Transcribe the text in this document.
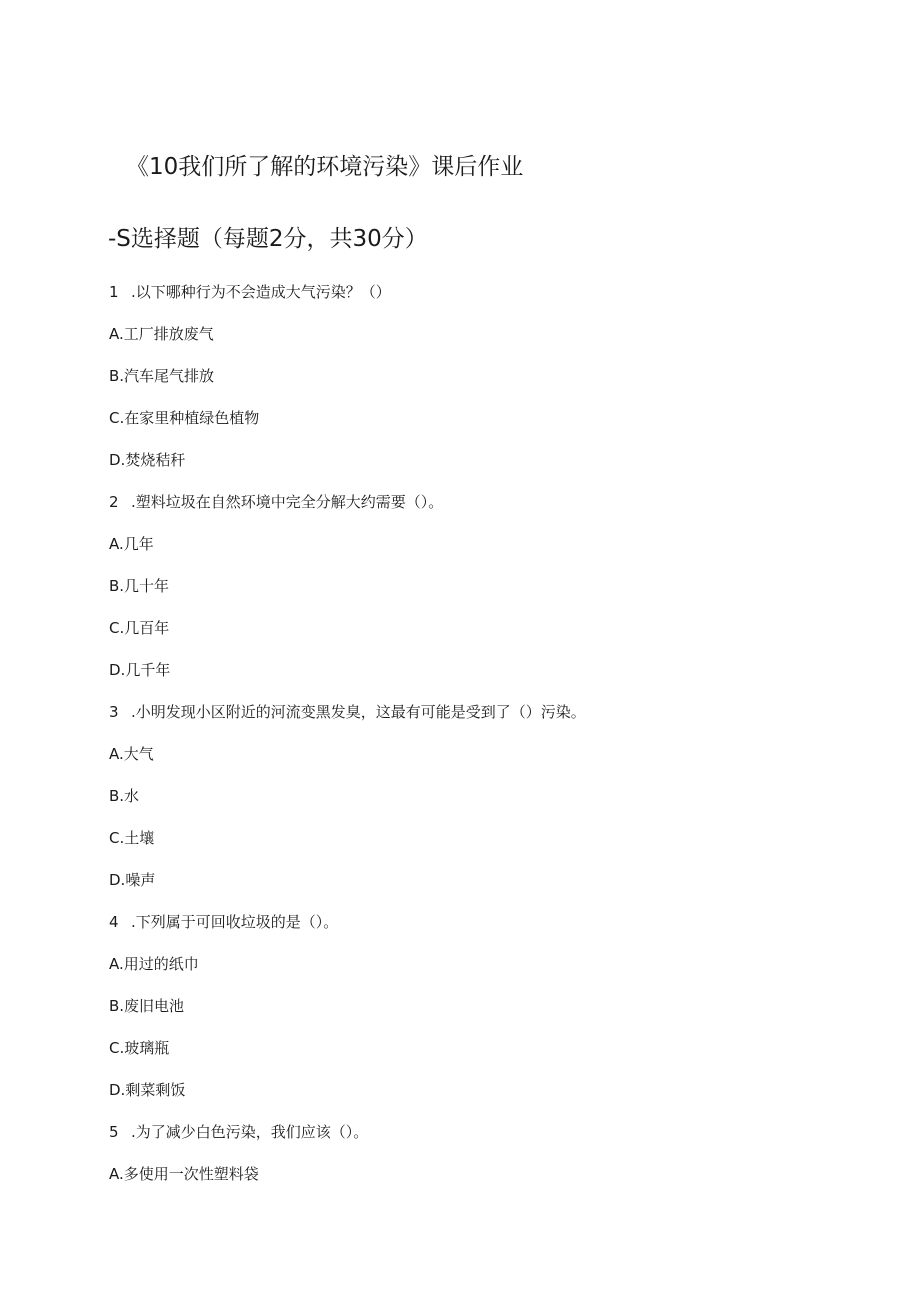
《10我们所了解的环境污染》课后作业
-S选择题（每题2分，共30分）
1 .以下哪种行为不会造成大气污染？（）
A.工厂排放废气
B.汽车尾气排放
C.在家里种植绿色植物
D.焚烧秸秆
2 .塑料垃圾在自然环境中完全分解大约需要（）。
A.几年
B.几十年
C.几百年
D.几千年
3 .小明发现小区附近的河流变黑发臭，这最有可能是受到了（）污染。
A.大气
B.水
C.土壤
D.噪声
4 .下列属于可回收垃圾的是（）。
A.用过的纸巾
B.废旧电池
C.玻璃瓶
D.剩菜剩饭
5 .为了减少白色污染，我们应该（）。
A.多使用一次性塑料袋
